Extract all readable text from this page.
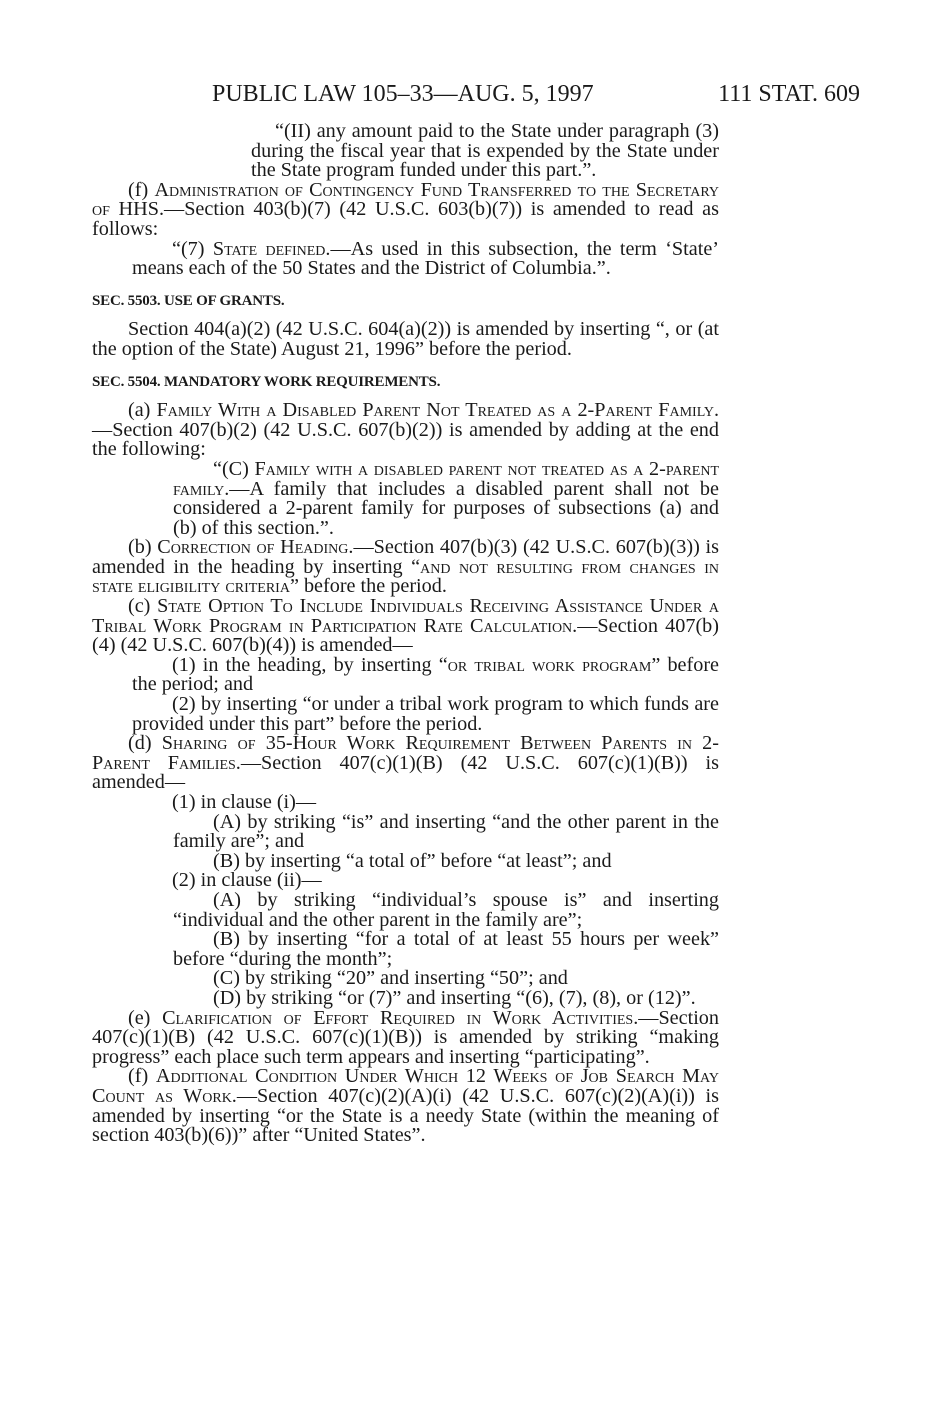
PUBLIC LAW 105–33—AUG. 5, 1997	111 STAT. 609

“(II) any amount paid to the State under paragraph (3) during the fiscal year that is expended by the State under the State program funded under this part.”.

(f) Administration of Contingency Fund Transferred to the Secretary of HHS.—Section 403(b)(7) (42 U.S.C. 603(b)(7)) is amended to read as follows:

“(7) State defined.—As used in this subsection, the term ‘State’ means each of the 50 States and the District of Columbia.”.

SEC. 5503. USE OF GRANTS.

Section 404(a)(2) (42 U.S.C. 604(a)(2)) is amended by inserting “, or (at the option of the State) August 21, 1996” before the period.

SEC. 5504. MANDATORY WORK REQUIREMENTS.

(a) Family With a Disabled Parent Not Treated as a 2-Parent Family.—Section 407(b)(2) (42 U.S.C. 607(b)(2)) is amended by adding at the end the following:

“(C) Family with a disabled parent not treated as a 2-parent family.—A family that includes a disabled parent shall not be considered a 2-parent family for purposes of subsections (a) and (b) of this section.”.

(b) Correction of Heading.—Section 407(b)(3) (42 U.S.C. 607(b)(3)) is amended in the heading by inserting “and not resulting from changes in state eligibility criteria” before the period.

(c) State Option To Include Individuals Receiving Assistance Under a Tribal Work Program in Participation Rate Calculation.—Section 407(b)(4) (42 U.S.C. 607(b)(4)) is amended—

(1) in the heading, by inserting “or tribal work program” before the period; and

(2) by inserting “or under a tribal work program to which funds are provided under this part” before the period.

(d) Sharing of 35-Hour Work Requirement Between Parents in 2-Parent Families.—Section 407(c)(1)(B) (42 U.S.C. 607(c)(1)(B)) is amended—

(1) in clause (i)—

(A) by striking “is” and inserting “and the other parent in the family are”; and

(B) by inserting “a total of” before “at least”; and

(2) in clause (ii)—

(A) by striking “individual’s spouse is” and inserting “individual and the other parent in the family are”;

(B) by inserting “for a total of at least 55 hours per week” before “during the month”;

(C) by striking “20” and inserting “50”; and

(D) by striking “or (7)” and inserting “(6), (7), (8), or (12)”.

(e) Clarification of Effort Required in Work Activities.—Section 407(c)(1)(B) (42 U.S.C. 607(c)(1)(B)) is amended by striking “making progress” each place such term appears and inserting “participating”.

(f) Additional Condition Under Which 12 Weeks of Job Search May Count as Work.—Section 407(c)(2)(A)(i) (42 U.S.C. 607(c)(2)(A)(i)) is amended by inserting “or the State is a needy State (within the meaning of section 403(b)(6))” after “United States”.
